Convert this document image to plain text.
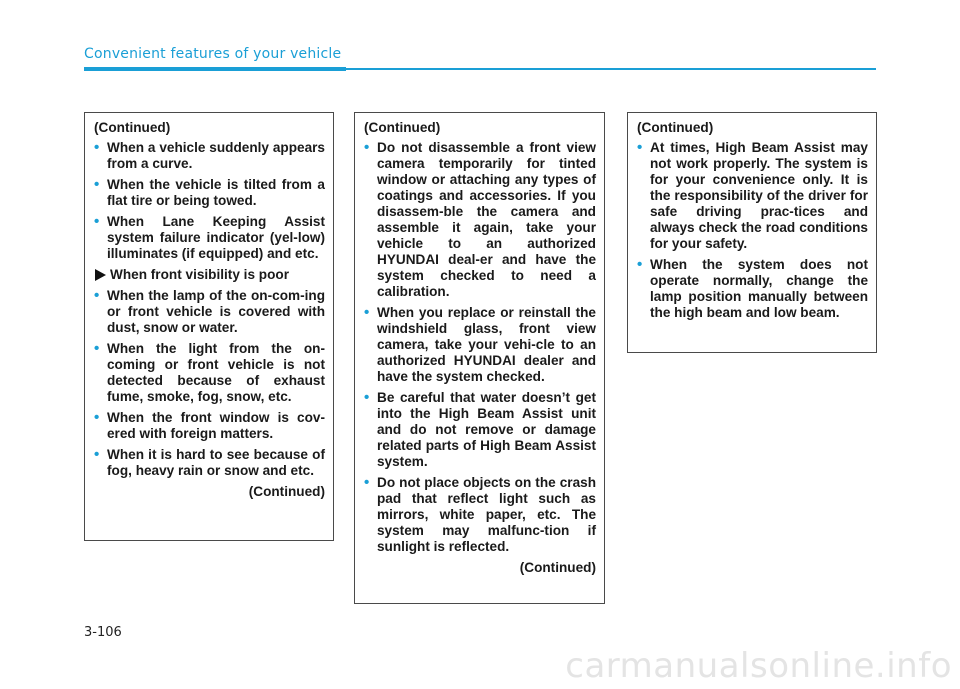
Convenient features of your vehicle
(Continued)
• When a vehicle suddenly appears from a curve.
• When the vehicle is tilted from a flat tire or being towed.
• When Lane Keeping Assist system failure indicator (yel-low) illuminates (if equipped) and etc.
When front visibility is poor
• When the lamp of the on-com-ing or front vehicle is covered with dust, snow or water.
• When the light from the on-coming or front vehicle is not detected because of exhaust fume, smoke, fog, snow, etc.
• When the front window is cov-ered with foreign matters.
• When it is hard to see because of fog, heavy rain or snow and etc.
(Continued)
(Continued)
• Do not disassemble a front view camera temporarily for tinted window or attaching any types of coatings and accessories. If you disassem-ble the camera and assemble it again, take your vehicle to an authorized HYUNDAI deal-er and have the system checked to need a calibration.
• When you replace or reinstall the windshield glass, front view camera, take your vehi-cle to an authorized HYUNDAI dealer and have the system checked.
• Be careful that water doesn’t get into the High Beam Assist unit and do not remove or damage related parts of High Beam Assist system.
• Do not place objects on the crash pad that reflect light such as mirrors, white paper, etc. The system may malfunc-tion if sunlight is reflected.
(Continued)
(Continued)
• At times, High Beam Assist may not work properly. The system is for your convenience only. It is the responsibility of the driver for safe driving prac-tices and always check the road conditions for your safety.
• When the system does not operate normally, change the lamp position manually between the high beam and low beam.
3-106
carmanualsonline.info
